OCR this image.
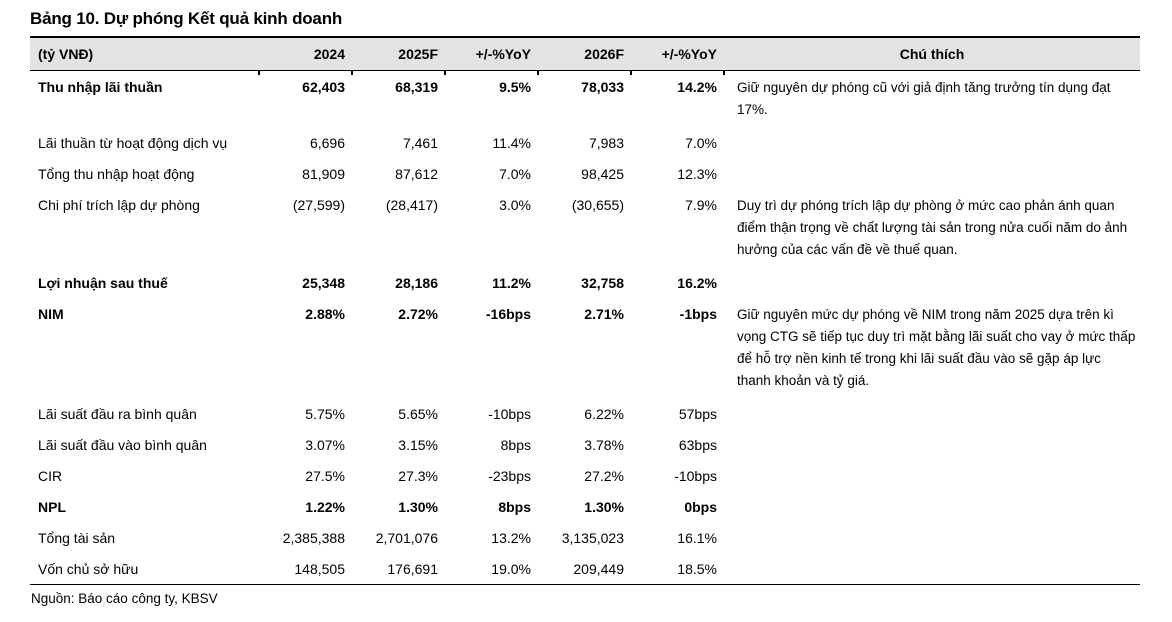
Bảng 10. Dự phóng Kết quả kinh doanh
(tỷ VNĐ)	2024	2025F	+/-%YoY	2026F	+/-%YoY	Chú thích
Thu nhập lãi thuần	62,403	68,319	9.5%	78,033	14.2%	Giữ nguyên dự phóng cũ với giả định tăng trưởng tín dụng đạt 17%.
Lãi thuần từ hoạt động dịch vụ	6,696	7,461	11.4%	7,983	7.0%	
Tổng thu nhập hoạt động	81,909	87,612	7.0%	98,425	12.3%	
Chi phí trích lập dự phòng	(27,599)	(28,417)	3.0%	(30,655)	7.9%	Duy trì dự phóng trích lập dự phòng ở mức cao phản ánh quan điểm thận trọng về chất lượng tài sản trong nửa cuối năm do ảnh hưởng của các vấn đề về thuế quan.
Lợi nhuận sau thuế	25,348	28,186	11.2%	32,758	16.2%	
NIM	2.88%	2.72%	-16bps	2.71%	-1bps	Giữ nguyên mức dự phóng về NIM trong năm 2025 dựa trên kì vọng CTG sẽ tiếp tục duy trì mặt bằng lãi suất cho vay ở mức thấp để hỗ trợ nền kinh tế trong khi lãi suất đầu vào sẽ gặp áp lực thanh khoản và tỷ giá.
Lãi suất đầu ra bình quân	5.75%	5.65%	-10bps	6.22%	57bps	
Lãi suất đầu vào bình quân	3.07%	3.15%	8bps	3.78%	63bps	
CIR	27.5%	27.3%	-23bps	27.2%	-10bps	
NPL	1.22%	1.30%	8bps	1.30%	0bps	
Tổng tài sản	2,385,388	2,701,076	13.2%	3,135,023	16.1%	
Vốn chủ sở hữu	148,505	176,691	19.0%	209,449	18.5%	
Nguồn: Báo cáo công ty, KBSV
